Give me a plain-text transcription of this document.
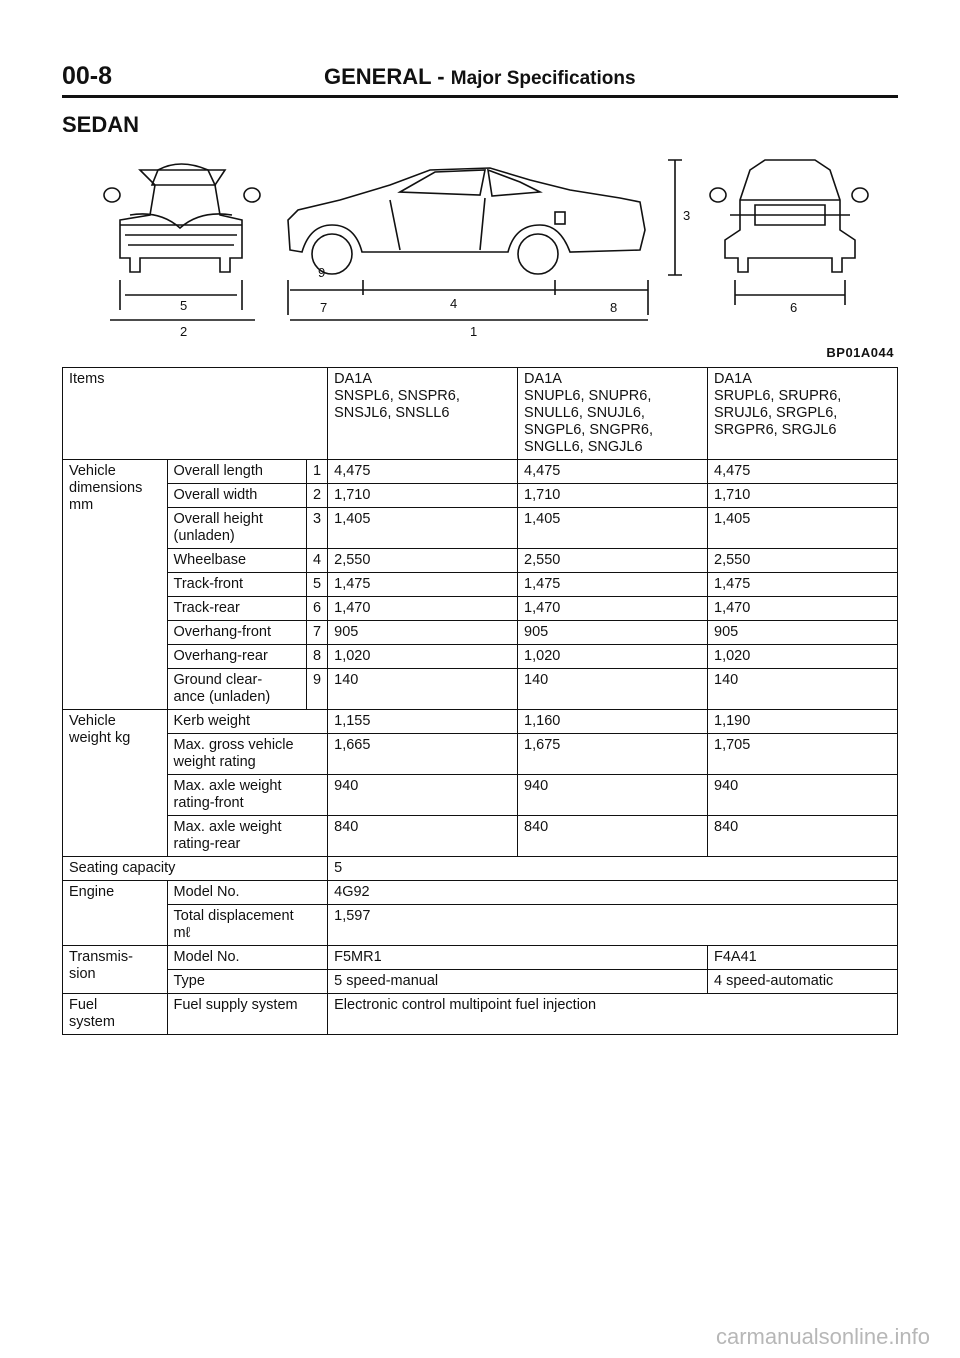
00-8	GENERAL - Major Specifications
SEDAN
5
2
7	4	8
1
9
3
6
BP01A044
Items			DA1A
SNSPL6, SNSPR6,
SNSJL6, SNSLL6	DA1A
SNUPL6, SNUPR6,
SNULL6, SNUJL6,
SNGPL6, SNGPR6,
SNGLL6, SNGJL6	DA1A
SRUPL6, SRUPR6,
SRUJL6, SRGPL6,
SRGPR6, SRGJL6
Vehicle
dimensions
mm	Overall length	1	4,475	4,475	4,475
	Overall width	2	1,710	1,710	1,710
	Overall height
(unladen)	3	1,405	1,405	1,405
	Wheelbase	4	2,550	2,550	2,550
	Track-front	5	1,475	1,475	1,475
	Track-rear	6	1,470	1,470	1,470
	Overhang-front	7	905	905	905
	Overhang-rear	8	1,020	1,020	1,020
	Ground clear-
ance (unladen)	9	140	140	140
Vehicle
weight kg	Kerb weight		1,155	1,160	1,190
	Max. gross vehicle
weight rating		1,665	1,675	1,705
	Max. axle weight
rating-front		940	940	940
	Max. axle weight
rating-rear		840	840	840
Seating capacity			5		
Engine	Model No.		4G92		
	Total displacement
mℓ		1,597		
Transmis-
sion	Model No.		F5MR1		F4A41
	Type		5 speed-manual		4 speed-automatic
Fuel
system	Fuel supply system		Electronic control multipoint fuel injection		
carmanualsonline.info
